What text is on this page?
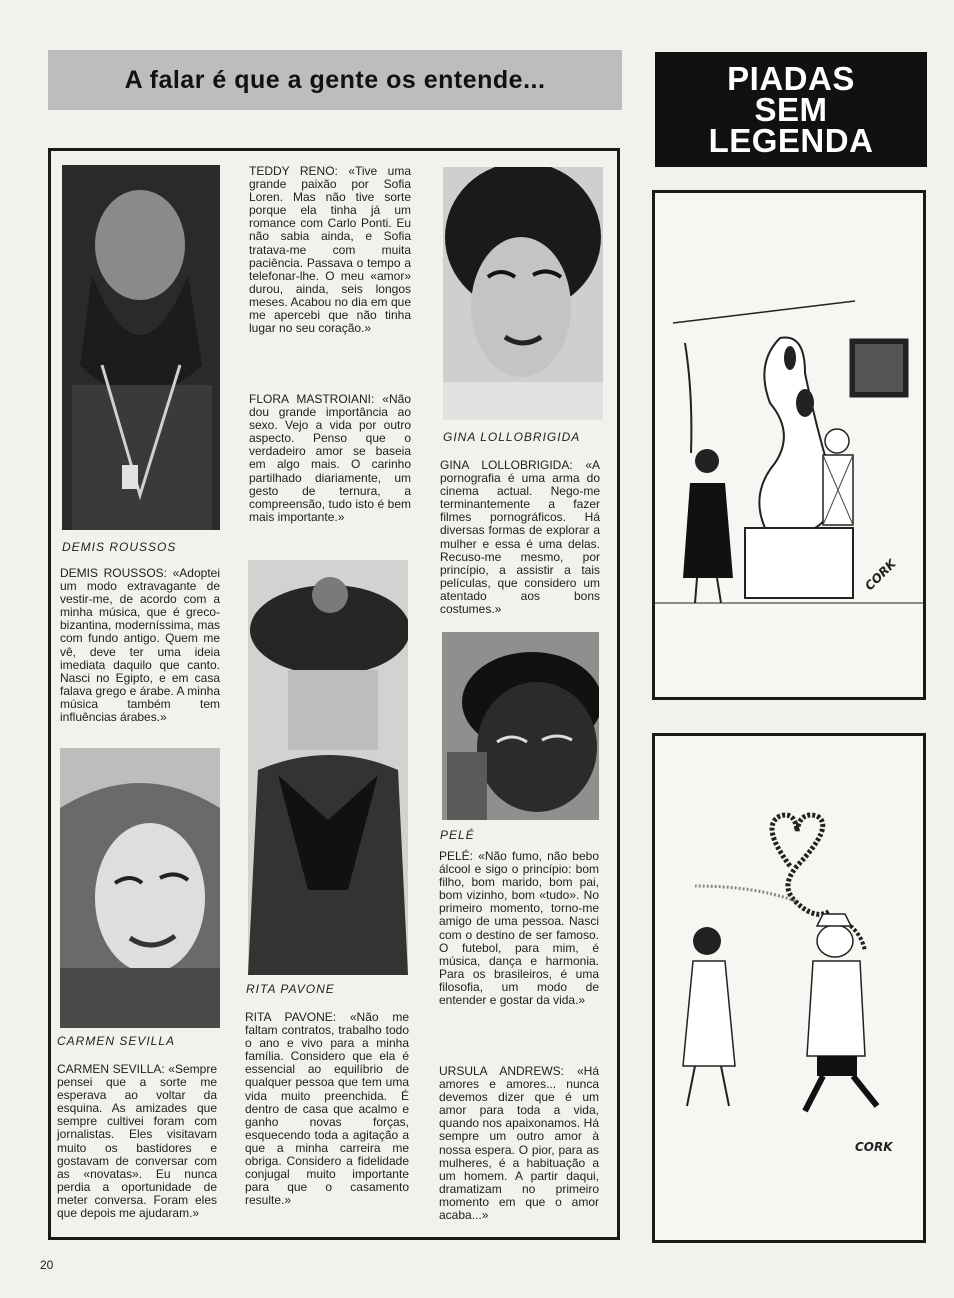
A falar é que a gente os entende...	PIADAS
SEM
LEGENDA
DEMIS ROUSSOS
DEMIS ROUSSOS: «Adoptei um modo extravagante de vestir-me, de acordo com a minha música, que é greco-bizantina, moderníssima, mas com fundo antigo. Quem me vê, deve ter uma ideia imediata daquilo que canto. Nasci no Egipto, e em casa falava grego e árabe. A minha música também tem influências árabes.»
CARMEN SEVILLA
CARMEN SEVILLA: «Sempre pensei que a sorte me esperava ao voltar da esquina. As amizades que sempre cultivei foram com jornalistas. Eles visitavam muito os bastidores e gostavam de conversar com as «novatas». Eu nunca perdia a oportunidade de meter conversa. Foram eles que depois me ajudaram.»
TEDDY RENO: «Tive uma grande paixão por Sofia Loren. Mas não tive sorte porque ela tinha já um romance com Carlo Ponti. Eu não sabia ainda, e Sofia tratava-me com muita paciência. Passava o tempo a telefonar-lhe. O meu «amor» durou, ainda, seis longos meses. Acabou no dia em que me apercebi que não tinha lugar no seu coração.»
FLORA MASTROIANI: «Não dou grande importância ao sexo. Vejo a vida por outro aspecto. Penso que o verdadeiro amor se baseia em algo mais. O carinho partilhado diariamente, um gesto de ternura, a compreensão, tudo isto é bem mais importante.»
RITA PAVONE
RITA PAVONE: «Não me faltam contratos, trabalho todo o ano e vivo para a minha família. Considero que ela é essencial ao equilíbrio de qualquer pessoa que tem uma vida muito preenchida. É dentro de casa que acalmo e ganho novas forças, esquecendo toda a agitação a que a minha carreira me obriga. Considero a fidelidade conjugal muito importante para que o casamento resulte.»
GINA LOLLOBRIGIDA
GINA LOLLOBRIGIDA: «A pornografia é uma arma do cinema actual. Nego-me terminantemente a fazer filmes pornográficos. Há diversas formas de explorar a mulher e essa é uma delas. Recuso-me mesmo, por princípio, a assistir a tais películas, que considero um atentado aos bons costumes.»
PELÉ
PELÉ: «Não fumo, não bebo álcool e sigo o princípio: bom filho, bom marido, bom pai, bom vizinho, bom «tudo». No primeiro momento, torno-me amigo de uma pessoa. Nasci com o destino de ser famoso. O futebol, para mim, é música, dança e harmonia. Para os brasileiros, é uma filosofia, um modo de entender e gostar da vida.»
URSULA ANDREWS: «Há amores e amores... nunca devemos dizer que é um amor para toda a vida, quando nos apaixonamos. Há sempre um outro amor à nossa espera. O pior, para as mulheres, é a habituação a um homem. A partir daqui, dramatizam no primeiro momento em que o amor acaba...»
CORK
CORK
20
